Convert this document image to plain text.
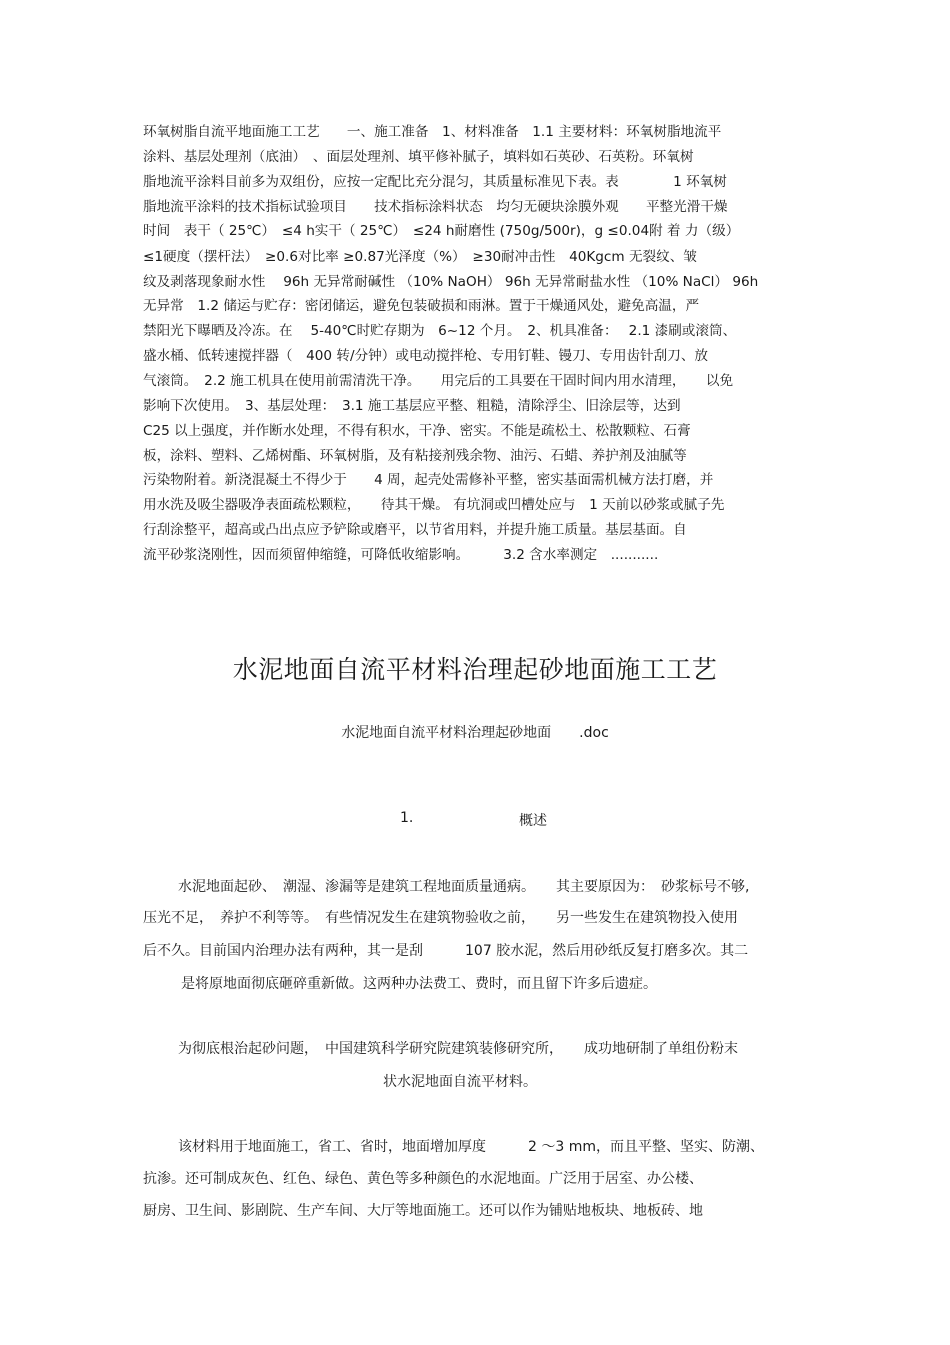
环氧树脂自流平地面施工工艺　　一、施工准备　1、材料准备　1.1 主要材料：环氧树脂地流平
涂料、基层处理剂（底油）　、面层处理剂、填平修补腻子，填料如石英砂、石英粉。环氧树
脂地流平涂料目前多为双组份，应按一定配比充分混匀，其质量标准见下表。表　　　　1 环氧树
脂地流平涂料的技术指标试验项目　　技术指标涂料状态　均匀无硬块涂膜外观　　平整光滑干燥
时间　表干（ 25℃）　≤4 h实干（ 25℃）　≤24 h耐磨性 (750g/500r)，g ≤0.04附 着 力（级）
≤1硬度（摆杆法）　≥0.6对比率 ≥0.87光泽度（%）　≥30耐冲击性　40Kgcm 无裂纹、皱
纹及剥落现象耐水性　 96h 无异常耐碱性 （10% NaOH） 96h 无异常耐盐水性 （10% NaCl） 96h
无异常　1.2 储运与贮存：密闭储运，避免包装破损和雨淋。置于干燥通风处，避免高温，严
禁阳光下曝晒及冷冻。在　 5-40℃时贮存期为　6~12 个月。　2、机具准备：　 2.1 漆刷或滚筒、
盛水桶、低转速搅拌器（　400 转/分钟）或电动搅拌枪、专用钉鞋、镘刀、专用齿针刮刀、放
气滚筒。　2.2 施工机具在使用前需清洗干净。　　用完后的工具要在干固时间内用水清理，　　以免
影响下次使用。　3、基层处理：　3.1 施工基层应平整、粗糙，清除浮尘、旧涂层等，达到
C25 以上强度，并作断水处理，不得有积水，干净、密实。不能是疏松土、松散颗粒、石膏
板，涂料、塑料、乙烯树酯、环氧树脂，及有粘接剂残余物、油污、石蜡、养护剂及油腻等
污染物附着。新浇混凝土不得少于　　4 周，起壳处需修补平整，密实基面需机械方法打磨，并
用水洗及吸尘器吸净表面疏松颗粒，　　待其干燥。 有坑洞或凹槽处应与　1 天前以砂浆或腻子先
行刮涂整平，超高或凸出点应予铲除或磨平，以节省用料，并提升施工质量。基层基面。自
流平砂浆浇刚性，因而须留伸缩缝，可降低收缩影响。　　　3.2 含水率测定　...........
水泥地面自流平材料治理起砂地面施工工艺
水泥地面自流平材料治理起砂地面　　.doc
1.	概述
水泥地面起砂、　潮湿、渗漏等是建筑工程地面质量通病。　　其主要原因为：　砂浆标号不够,
压光不足，　养护不利等等。　有些情况发生在建筑物验收之前，　　另一些发生在建筑物投入使用
后不久。目前国内治理办法有两种，其一是刮　　　107 胶水泥，然后用砂纸反复打磨多次。其二
是将原地面彻底砸碎重新做。这两种办法费工、费时，而且留下许多后遗症。
为彻底根治起砂问题，　中国建筑科学研究院建筑装修研究所，　　成功地研制了单组份粉末
状水泥地面自流平材料。
该材料用于地面施工，省工、省时，地面增加厚度　　　2 ～3 mm，而且平整、坚实、防潮、
抗渗。还可制成灰色、红色、绿色、黄色等多种颜色的水泥地面。广泛用于居室、办公楼、
厨房、卫生间、影剧院、生产车间、大厅等地面施工。还可以作为铺贴地板块、地板砖、地
